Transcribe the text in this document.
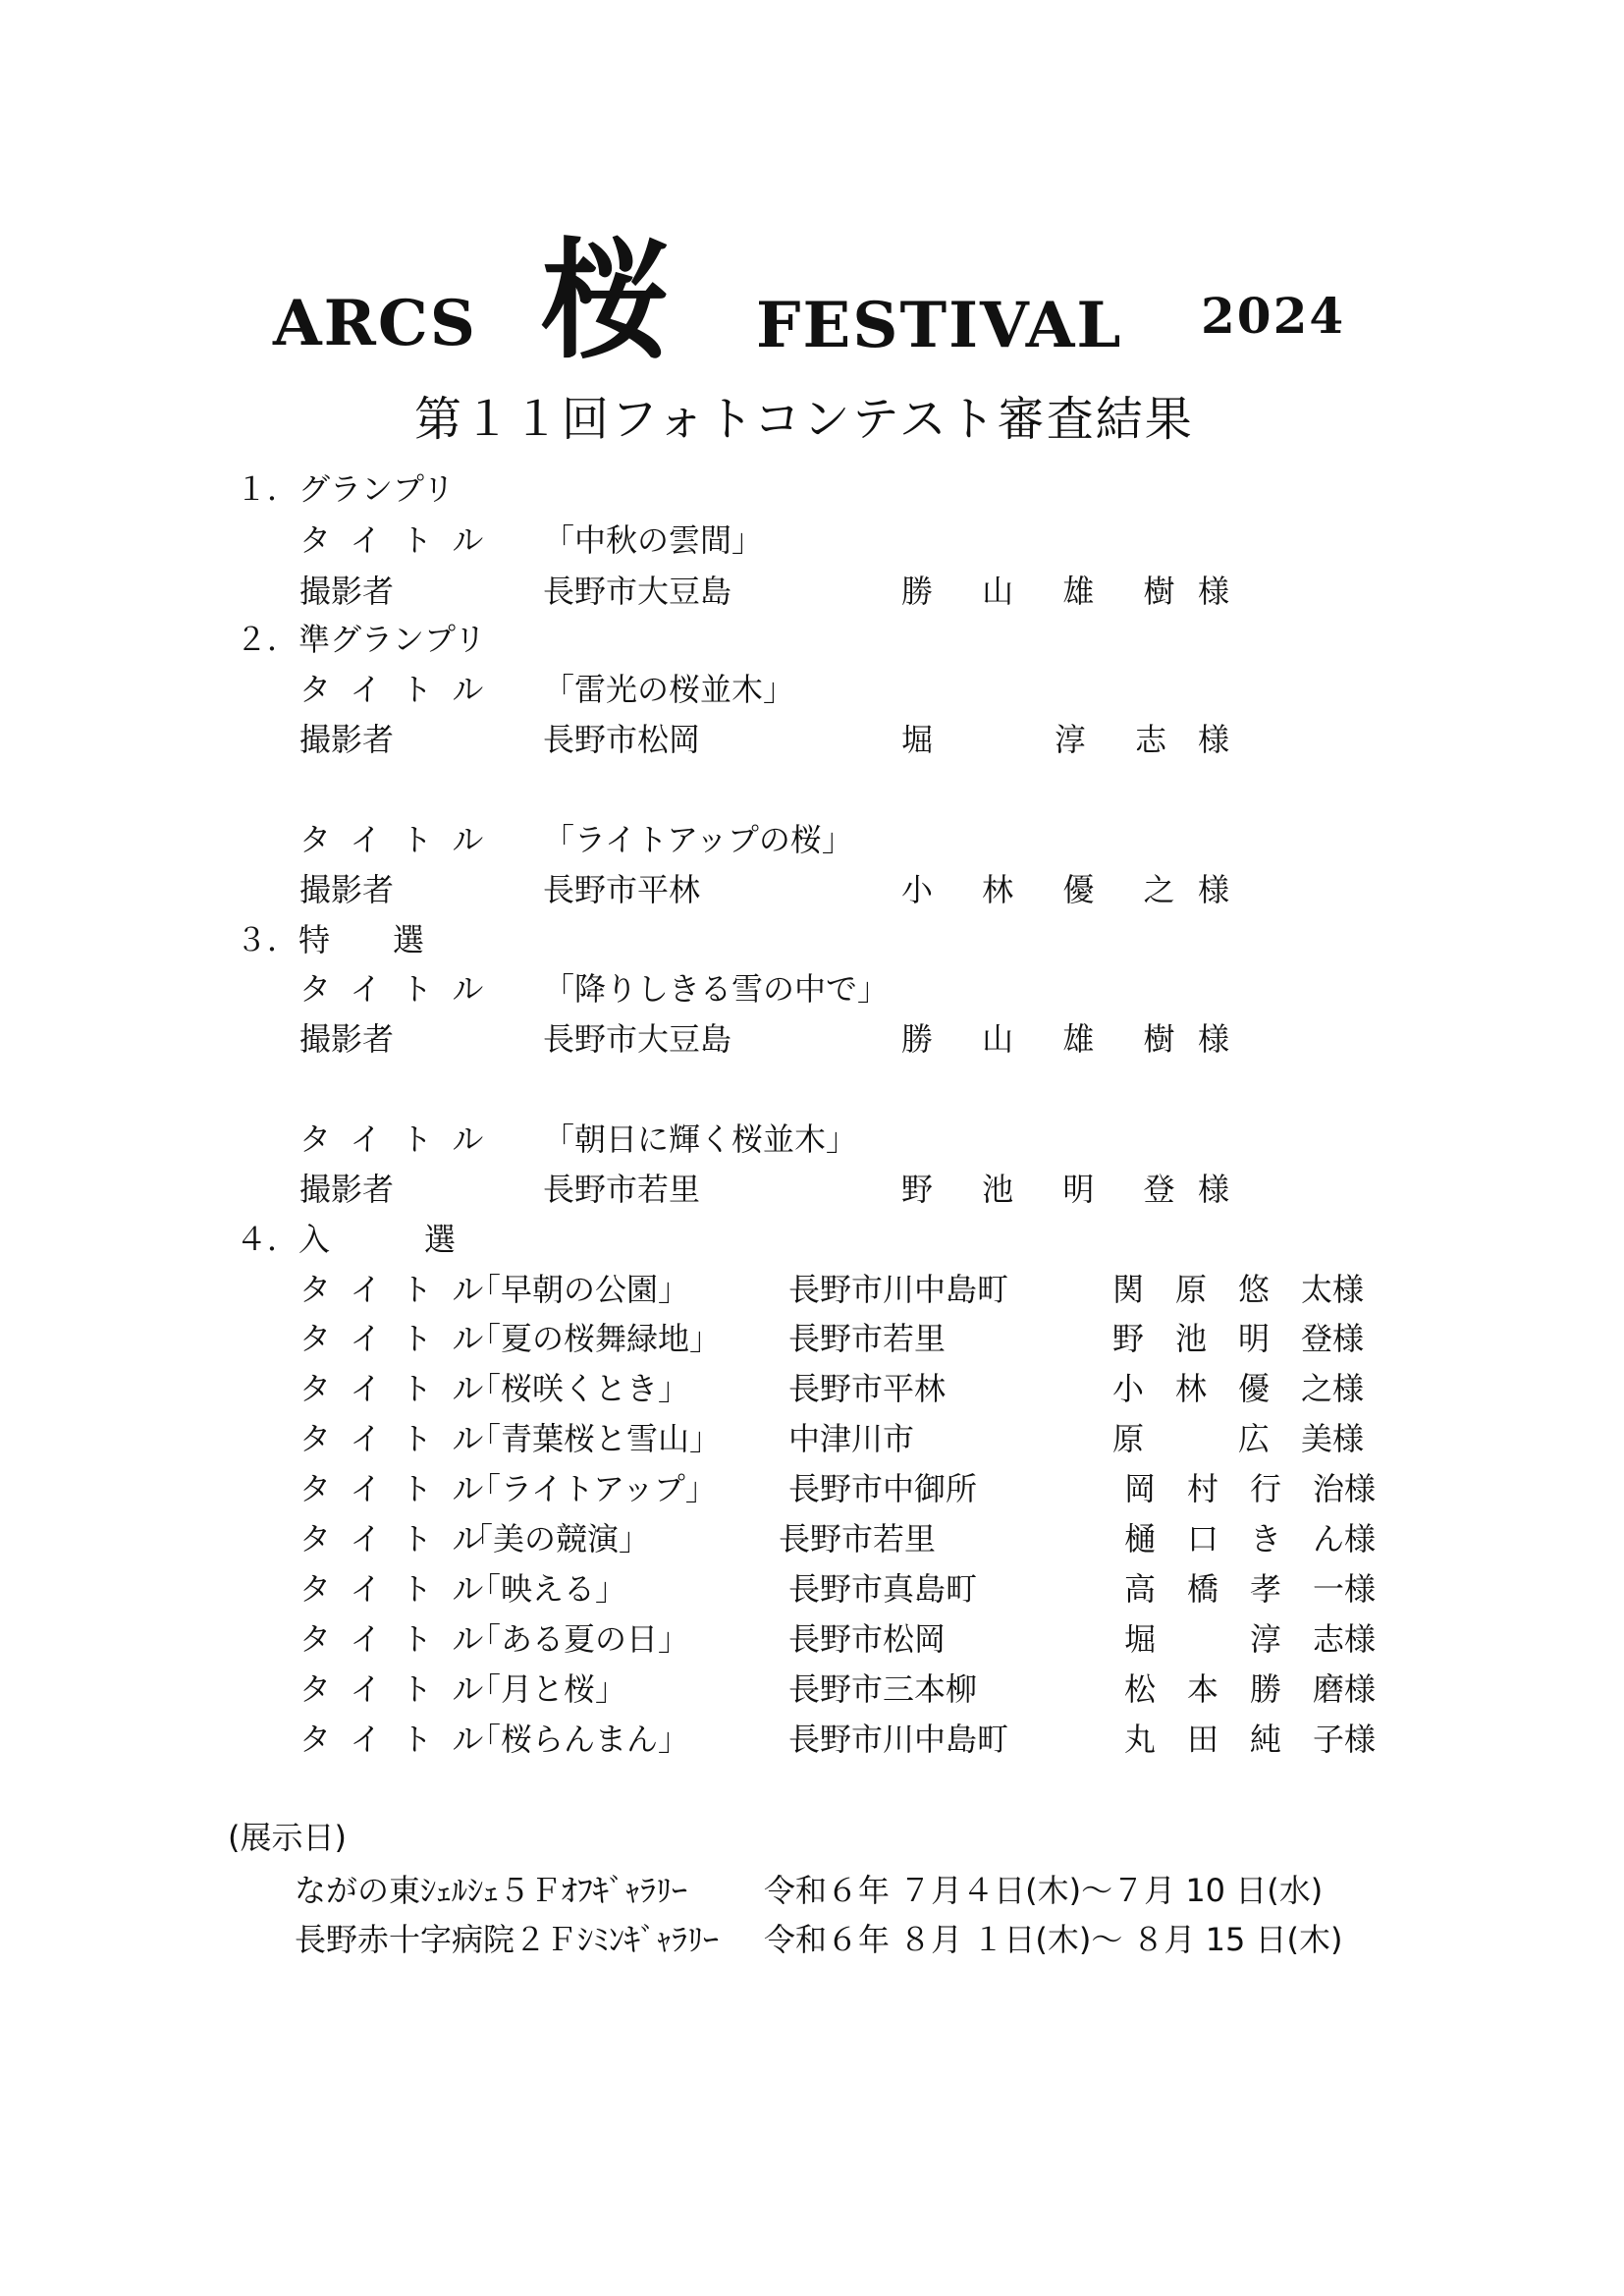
ARCS 桜 FESTIVAL 2024
第１１回フォトコンテスト審査結果
１．グランプリ
タイトル 「中秋の雲間」
撮影者	長野市大豆島	勝 山 雄 樹 様
２．準グランプリ
タイトル 「雷光の桜並木」
撮影者	長野市松岡	堀　　淳 志 様
タイトル 「ライトアップの桜」
撮影者	長野市平林	小 林 優 之 様
３．特　　選
タイトル 「降りしきる雪の中で」
撮影者	長野市大豆島	勝 山 雄 樹 様
タイトル 「朝日に輝く桜並木」
撮影者	長野市若里	野 池 明 登 様
４．入　　　選
タイトル
「早朝の公園」	長野市川中島町	関　原　悠　太様
タイトル
「夏の桜舞緑地」 長野市若里	野　池　明　登様
タイトル
「桜咲くとき」	長野市平林	小　林　優　之様
タイトル
「青葉桜と雪山」 中津川市	原　　　広　美様
タイトル
「ライトアップ」 長野市中御所	岡　村　行　治様
タイトル
「美の競演」	長野市若里	樋　口　き　ん様
タイトル
「映える」	長野市真島町	高　橋　孝　一様
タイトル
「ある夏の日」	長野市松岡	堀　　　淳　志様
タイトル
「月と桜」	長野市三本柳	松　本　勝　磨様
タイトル
「桜らんまん」	長野市川中島町	丸　田　純　子様
(展示日)
ながの東ｼｪﾙｼｪ５Ｆｵﾌｷﾞｬﾗﾘｰ 令和６年 ７月４日(木)～７月 10 日(水)
長野赤十字病院２Ｆｼﾐﾝｷﾞｬﾗﾘｰ 令和６年 ８月 １日(木)～ ８月 15 日(木)
